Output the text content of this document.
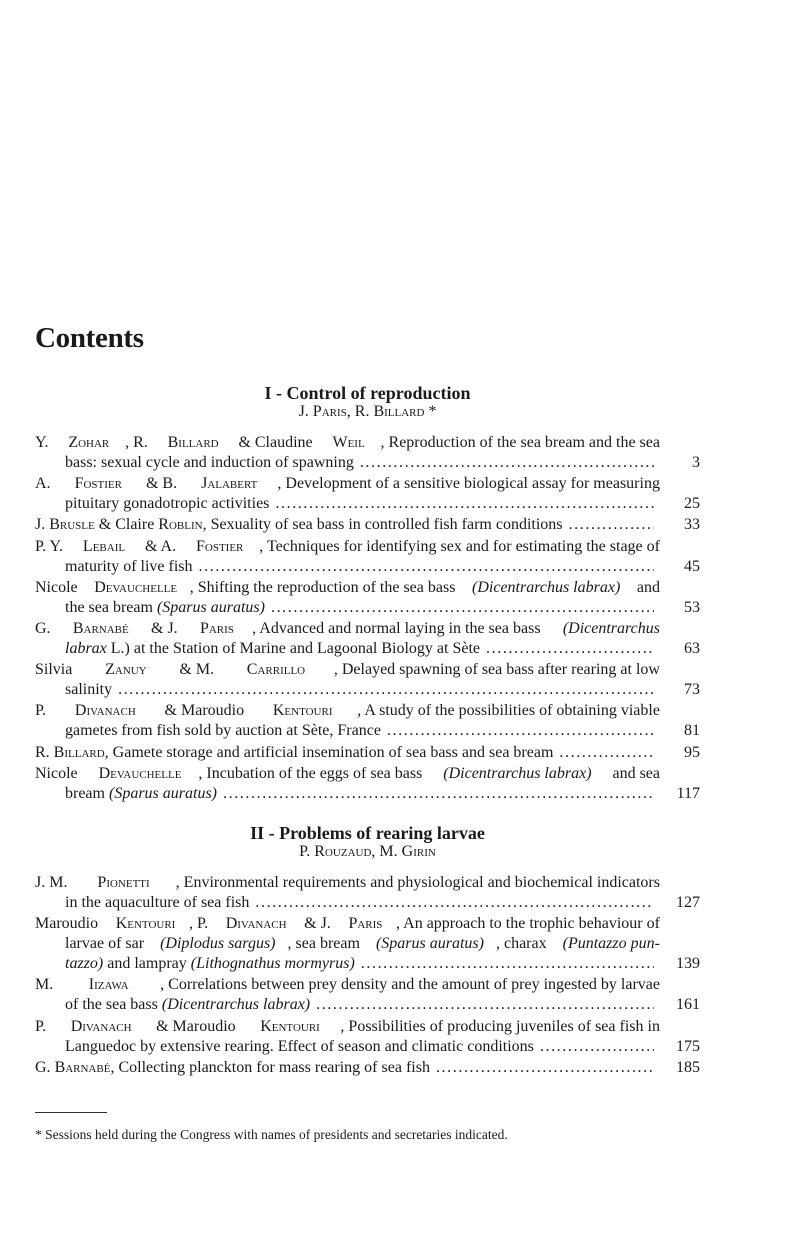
Contents
I - Control of reproduction
J. Paris, R. Billard *
Y. Zohar , R. Billard & Claudine Weil , Reproduction of the sea bream and the sea
bass: sexual cycle and induction of spawning . . .	3
A. Fostier & B. Jalabert , Development of a sensitive biological assay for measuring
pituitary gonadotropic activities . . .	25
J. Brusle & Claire Roblin, Sexuality of sea bass in controlled fish farm conditions . . .	33
P. Y. Lebail & A. Fostier , Techniques for identifying sex and for estimating the stage of
maturity of live fish . . .	45
Nicole Devauchelle , Shifting the reproduction of the sea bass (Dicentrarchus labrax) and
the sea bream (Sparus auratus) . . .	53
G. Barnabé & J. Paris , Advanced and normal laying in the sea bass (Dicentrarchus
labrax L.) at the Station of Marine and Lagoonal Biology at Sète . . .	63
Silvia Zanuy & M. Carrillo , Delayed spawning of sea bass after rearing at low
salinity . . .	73
P. Divanach & Maroudio Kentouri , A study of the possibilities of obtaining viable
gametes from fish sold by auction at Sète, France . . .	81
R. Billard, Gamete storage and artificial insemination of sea bass and sea bream . . .	95
Nicole Devauchelle , Incubation of the eggs of sea bass (Dicentrarchus labrax) and sea
bream (Sparus auratus) . . .	117
II - Problems of rearing larvae
P. Rouzaud, M. Girin
J. M. Pionetti , Environmental requirements and physiological and biochemical indicators
in the aquaculture of sea fish . . .	127
Maroudio Kentouri , P. Divanach & J. Paris , An approach to the trophic behaviour of
larvae of sar (Diplodus sargus) , sea bream (Sparus auratus) , charax (Puntazzo pun-
tazzo) and lampray (Lithognathus mormyrus) . . .	139
M. Iizawa , Correlations between prey density and the amount of prey ingested by larvae
of the sea bass (Dicentrarchus labrax) . . .	161
P. Divanach & Maroudio Kentouri , Possibilities of producing juveniles of sea fish in
Languedoc by extensive rearing. Effect of season and climatic conditions . . .	175
G. Barnabé, Collecting planckton for mass rearing of sea fish . . .	185
* Sessions held during the Congress with names of presidents and secretaries indicated.
